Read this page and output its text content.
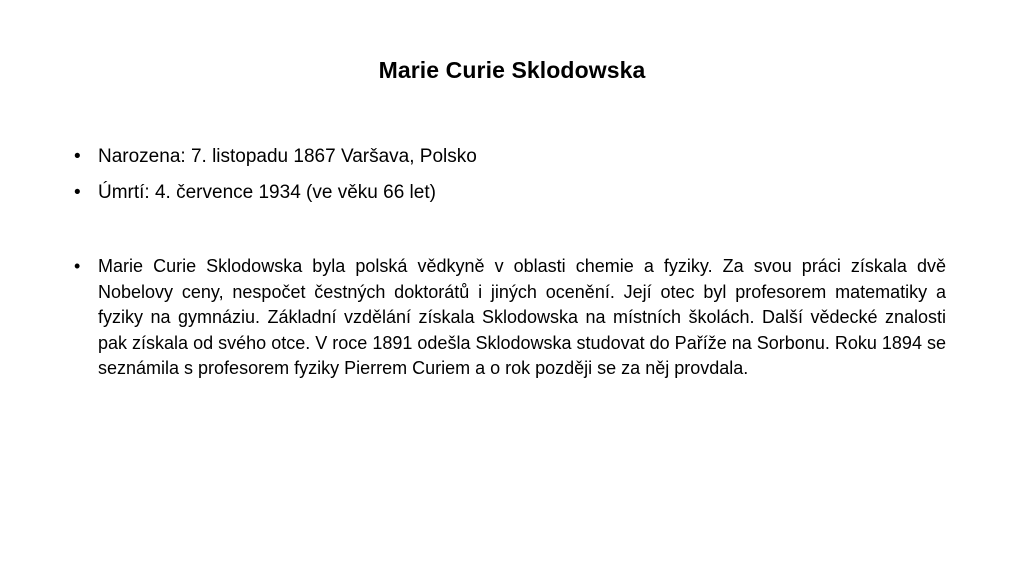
Marie Curie Sklodowska
• Narozena: 7. listopadu 1867 Varšava, Polsko
• Úmrtí: 4. července 1934 (ve věku 66 let)
• Marie Curie Sklodowska byla polská vědkyně v oblasti chemie a fyziky. Za svou práci získala dvě Nobelovy ceny, nespočet čestných doktorátů i jiných ocenění. Její otec byl profesorem matematiky a fyziky na gymnáziu. Základní vzdělání získala Sklodowska na místních školách. Další vědecké znalosti pak získala od svého otce. V roce 1891 odešla Sklodowska studovat do Paříže na Sorbonu. Roku 1894 se seznámila s profesorem fyziky Pierrem Curiem a o rok později se za něj provdala.
